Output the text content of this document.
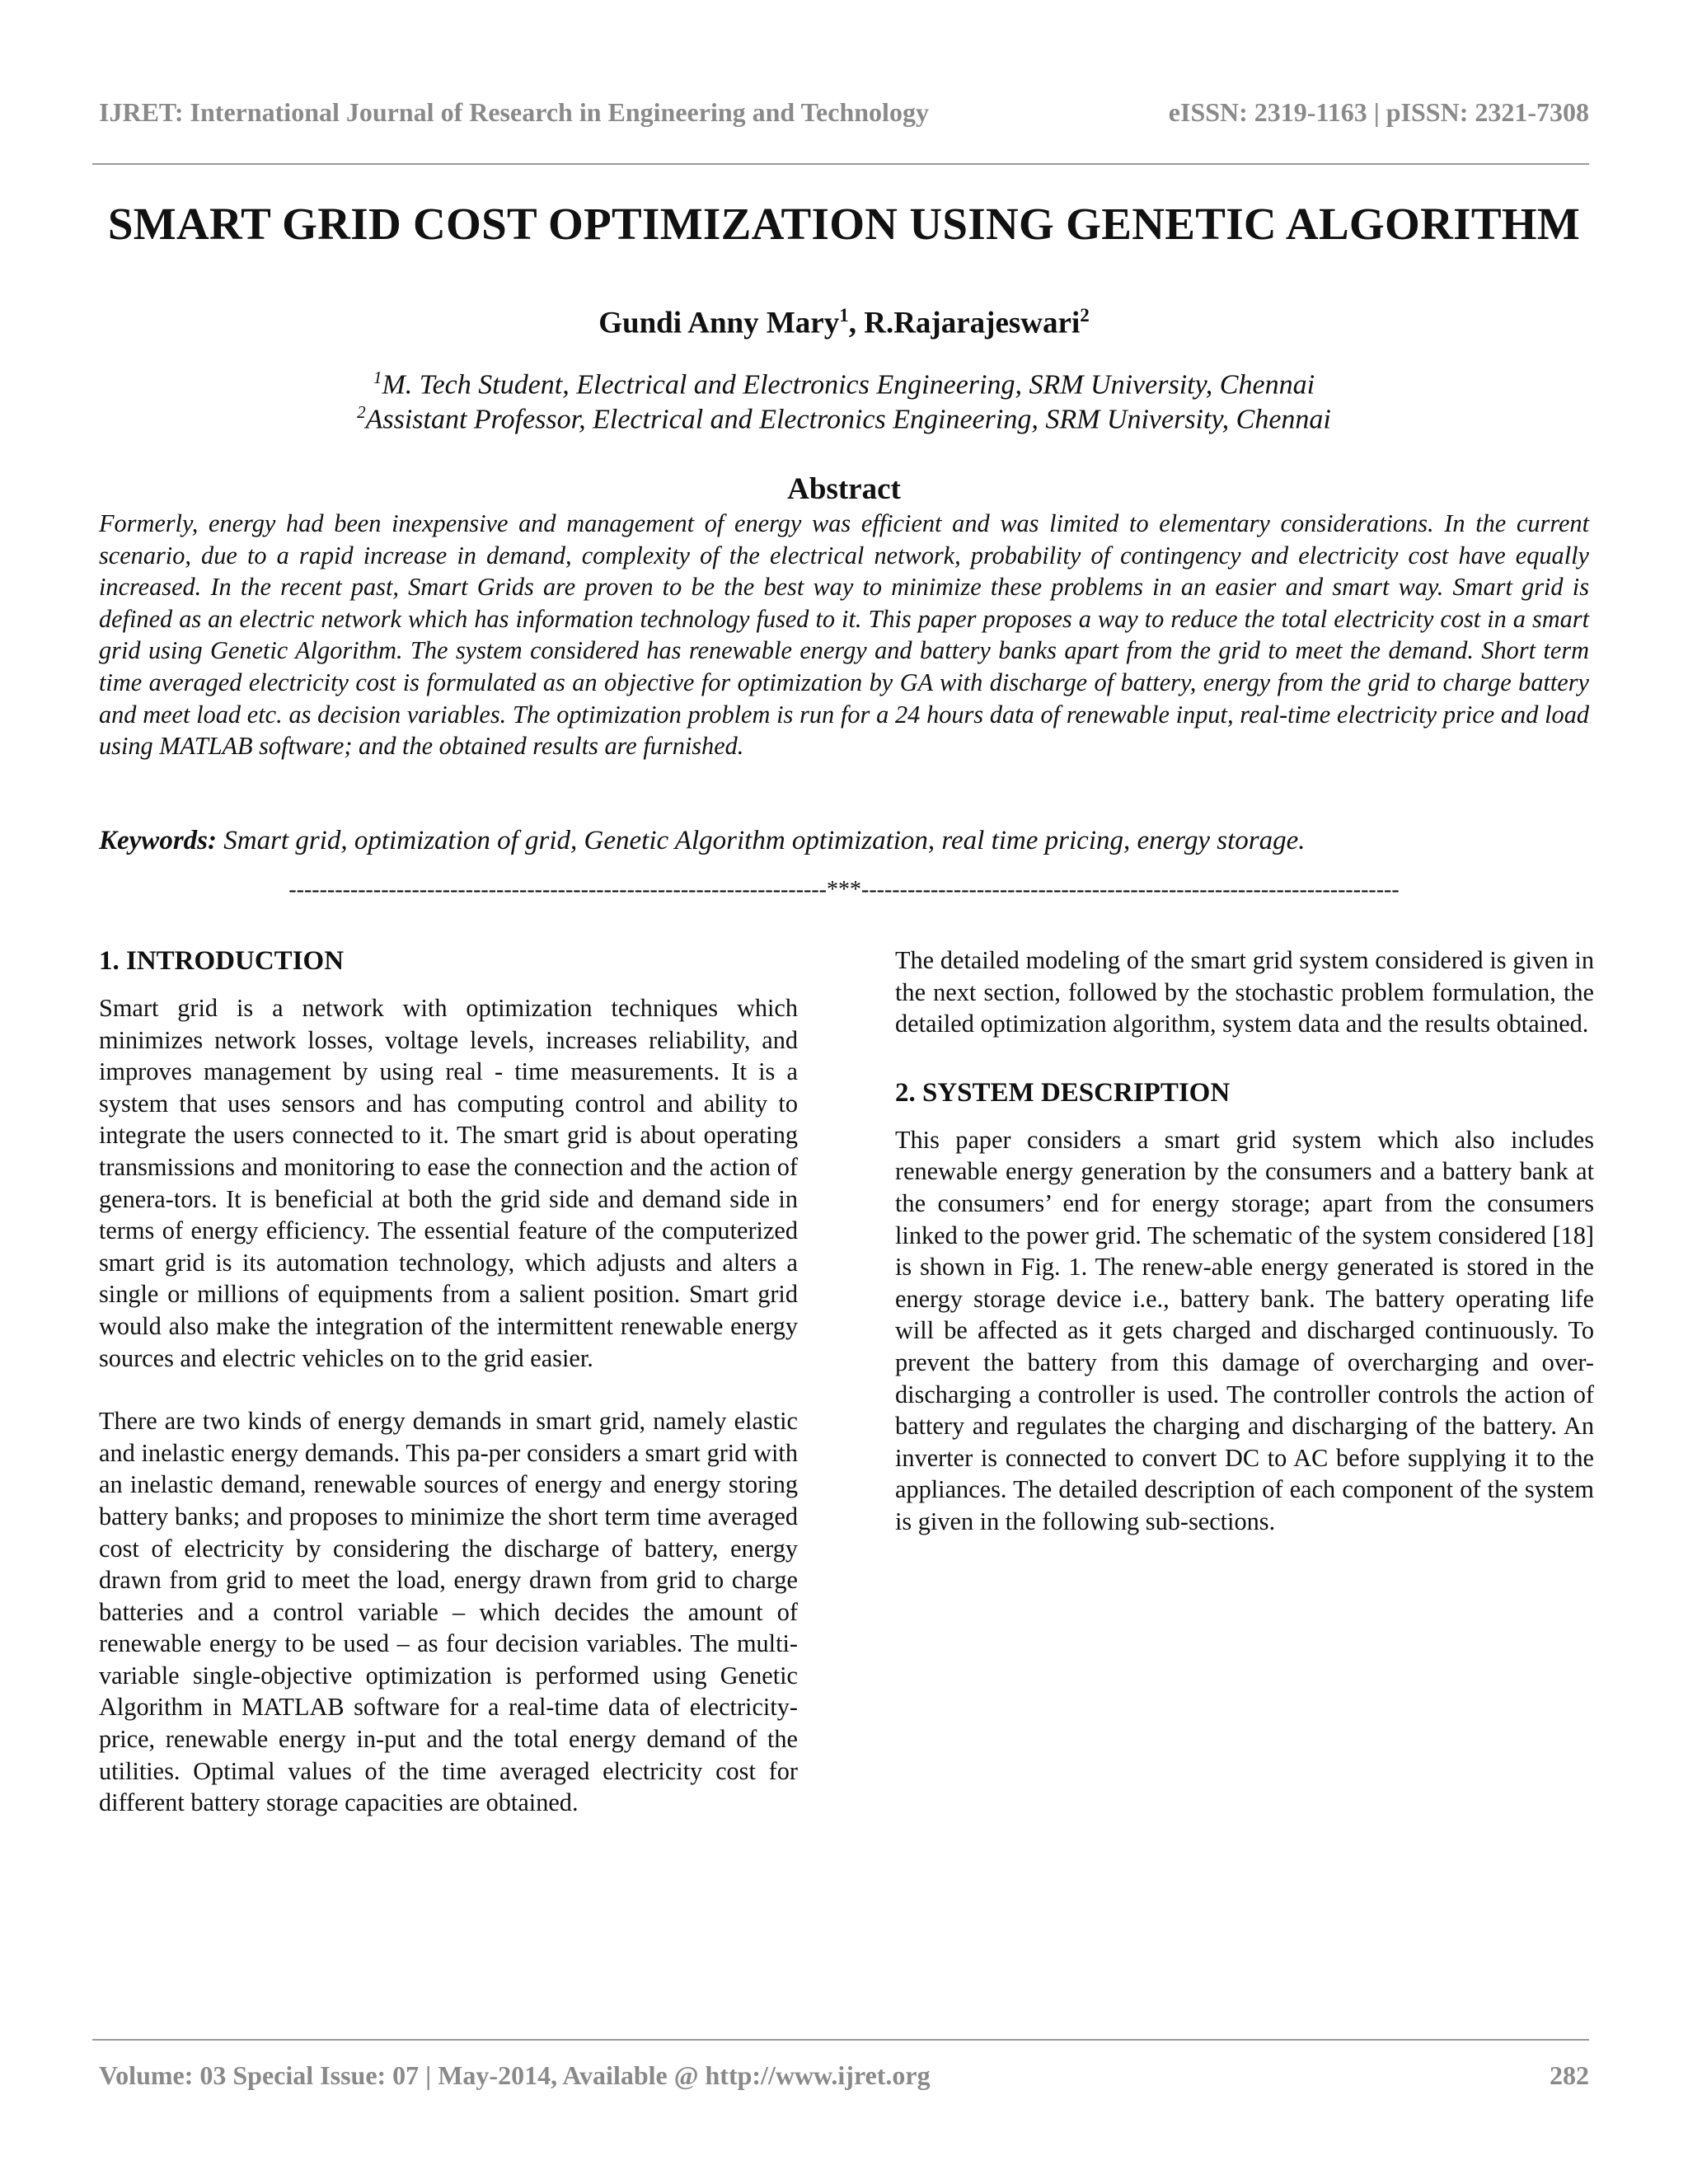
IJRET: International Journal of Research in Engineering and Technology	eISSN: 2319-1163 | pISSN: 2321-7308
SMART GRID COST OPTIMIZATION USING GENETIC ALGORITHM
Gundi Anny Mary$^1$, R.Rajarajeswari$^2$
$^1$M. Tech Student, Electrical and Electronics Engineering, SRM University, Chennai
$^2$Assistant Professor, Electrical and Electronics Engineering, SRM University, Chennai
Abstract

Formerly, energy had been inexpensive and management of energy was efficient and was limited to elementary considerations. In the current scenario, due to a rapid increase in demand, complexity of the electrical network, probability of contingency and electricity cost have equally increased. In the recent past, Smart Grids are proven to be the best way to minimize these problems in an easier and smart way. Smart grid is defined as an electric network which has information technology fused to it. This paper proposes a way to reduce the total electricity cost in a smart grid using Genetic Algorithm. The system considered has renewable energy and battery banks apart from the grid to meet the demand. Short term time averaged electricity cost is formulated as an objective for optimization by GA with discharge of battery, energy from the grid to charge battery and meet load etc. as decision variables. The optimization problem is run for a 24 hours data of renewable input, real-time electricity price and load using MATLAB software; and the obtained results are furnished.

Keywords: Smart grid, optimization of grid, Genetic Algorithm optimization, real time pricing, energy storage.

----------------------------------------------------------------------***----------------------------------------------------------------------
1. INTRODUCTION

Smart grid is a network with optimization techniques which minimizes network losses, voltage levels, increases reliability, and improves management by using real - time measurements. It is a system that uses sensors and has computing control and ability to integrate the users connected to it. The smart grid is about operating transmissions and monitoring to ease the connection and the action of genera-tors. It is beneficial at both the grid side and demand side in terms of energy efficiency. The essential feature of the computerized smart grid is its automation technology, which adjusts and alters a single or millions of equipments from a salient position. Smart grid would also make the integration of the intermittent renewable energy sources and electric vehicles on to the grid easier.

There are two kinds of energy demands in smart grid, namely elastic and inelastic energy demands. This pa-per considers a smart grid with an inelastic demand, renewable sources of energy and energy storing battery banks; and proposes to minimize the short term time averaged cost of electricity by considering the discharge of battery, energy drawn from grid to meet the load, energy drawn from grid to charge batteries and a control variable – which decides the amount of renewable energy to be used – as four decision variables. The multi-variable single-objective optimization is performed using Genetic Algorithm in MATLAB software for a real-time data of electricity-price, renewable energy in-put and the total energy demand of the utilities. Optimal values of the time averaged electricity cost for different battery storage capacities are obtained.

The detailed modeling of the smart grid system considered is given in the next section, followed by the stochastic problem formulation, the detailed optimization algorithm, system data and the results obtained.

2. SYSTEM DESCRIPTION

This paper considers a smart grid system which also includes renewable energy generation by the consumers and a battery bank at the consumers’ end for energy storage; apart from the consumers linked to the power grid. The schematic of the system considered [18] is shown in Fig. 1. The renew-able energy generated is stored in the energy storage device i.e., battery bank. The battery operating life will be affected as it gets charged and discharged continuously. To prevent the battery from this damage of overcharging and over-discharging a controller is used. The controller controls the action of battery and regulates the charging and discharging of the battery. An inverter is connected to convert DC to AC before supplying it to the appliances. The detailed description of each component of the system is given in the following sub-sections.

Volume: 03 Special Issue: 07 | May-2014, Available @ http://www.ijret.org	282
